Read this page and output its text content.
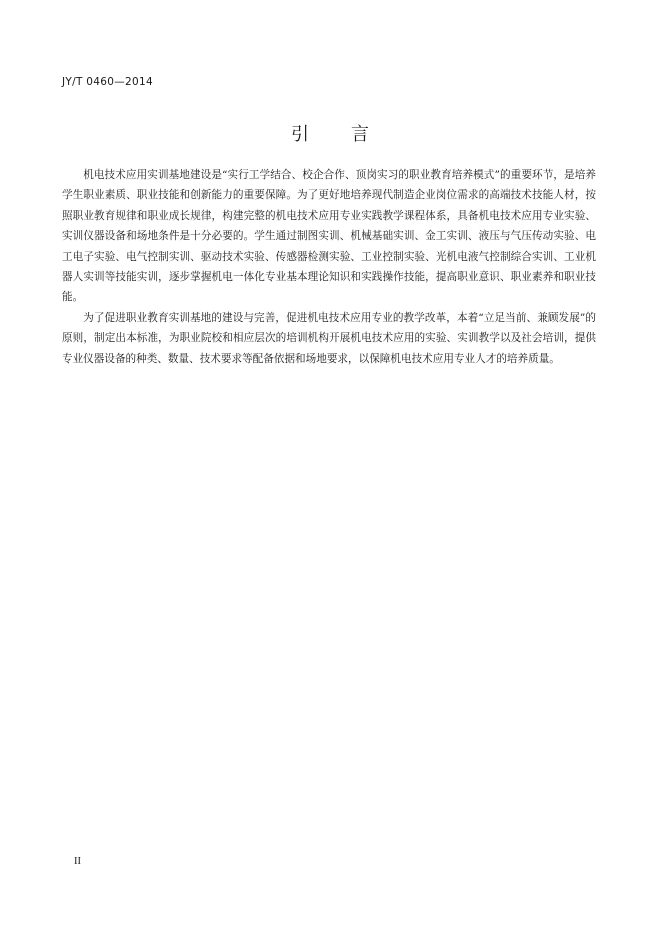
JY/T 0460—2014
引　　言

机电技术应用实训基地建设是“实行工学结合、校企合作、顶岗实习的职业教育培养模式”的重要环节，是培养学生职业素质、职业技能和创新能力的重要保障。为了更好地培养现代制造企业岗位需求的高端技术技能人材，按照职业教育规律和职业成长规律，构建完整的机电技术应用专业实践教学课程体系，具备机电技术应用专业实验、实训仪器设备和场地条件是十分必要的。学生通过制图实训、机械基础实训、金工实训、液压与气压传动实验、电工电子实验、电气控制实训、驱动技术实验、传感器检测实验、工业控制实验、光机电液气控制综合实训、工业机器人实训等技能实训，逐步掌握机电一体化专业基本理论知识和实践操作技能，提高职业意识、职业素养和职业技能。

为了促进职业教育实训基地的建设与完善，促进机电技术应用专业的教学改革，本着“立足当前、兼顾发展”的原则，制定出本标准，为职业院校和相应层次的培训机构开展机电技术应用的实验、实训教学以及社会培训，提供专业仪器设备的种类、数量、技术要求等配备依据和场地要求，以保障机电技术应用专业人才的培养质量。

II
